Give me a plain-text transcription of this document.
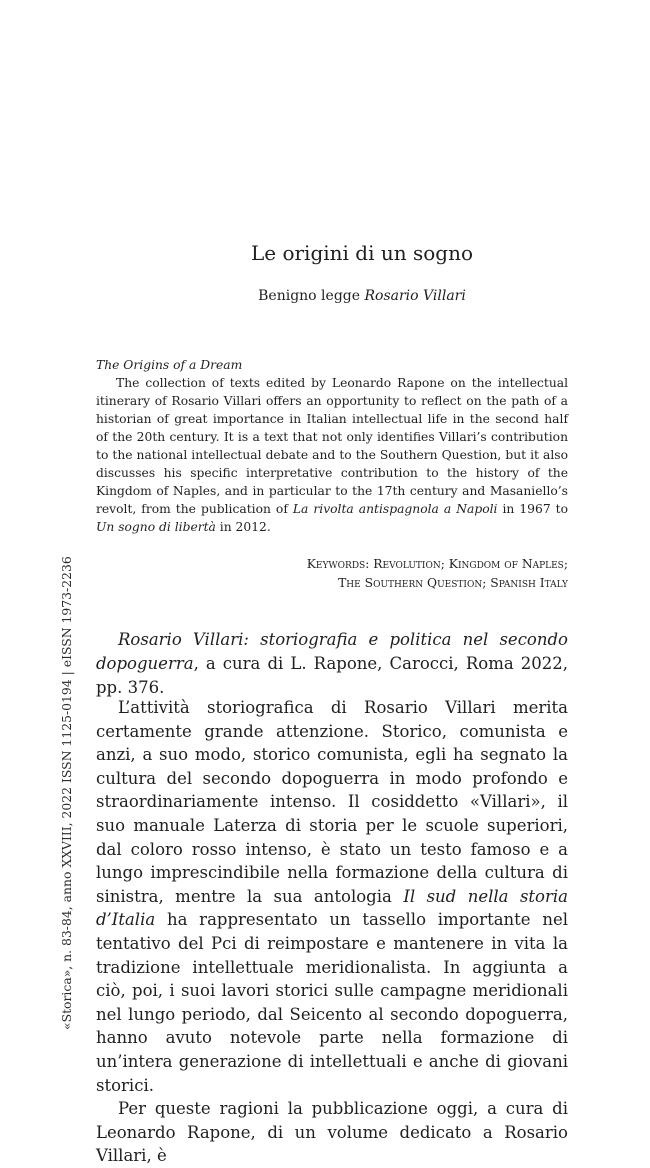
Le origini di un sogno
Benigno legge Rosario Villari
The Origins of a Dream

The collection of texts edited by Leonardo Rapone on the intellectual itinerary of Rosario Villari offers an opportunity to reflect on the path of a historian of great importance in Italian intellectual life in the second half of the 20th century. It is a text that not only identifies Villari’s contribution to the national intellectual debate and to the Southern Question, but it also discusses his specific interpretative contribution to the history of the Kingdom of Naples, and in particular to the 17th century and Masaniello’s revolt, from the publication of La rivolta antispagnola a Napoli in 1967 to Un sogno di libertà in 2012.

Keywords: Revolution; Kingdom of Naples;
The Southern Question; Spanish Italy

Rosario Villari: storiografia e politica nel secondo dopoguerra, a cura di L. Rapone, Carocci, Roma 2022, pp. 376.

L’attività storiografica di Rosario Villari merita certamente grande attenzione. Storico, comunista e anzi, a suo modo, storico comunista, egli ha segnato la cultura del secondo dopoguerra in modo profondo e straordinariamente intenso. Il cosiddetto «Villari», il suo manuale Laterza di storia per le scuole superiori, dal coloro rosso intenso, è stato un testo famoso e a lungo imprescindibile nella formazione della cultura di sinistra, mentre la sua antologia Il sud nella storia d’Italia ha rappresentato un tassello importante nel tentativo del Pci di reimpostare e mantenere in vita la tradizione intellettuale meridionalista. In aggiunta a ciò, poi, i suoi lavori storici sulle campagne meridionali nel lungo periodo, dal Seicento al secondo dopoguerra, hanno avuto notevole parte nella formazione di un’intera generazione di intellettuali e anche di giovani storici.

Per queste ragioni la pubblicazione oggi, a cura di Leonardo Rapone, di un volume dedicato a Rosario Villari, è

«Storica», n. 83-84, anno XXVIII, 2022 ISSN 1125-0194 | eISSN 1973-2236
